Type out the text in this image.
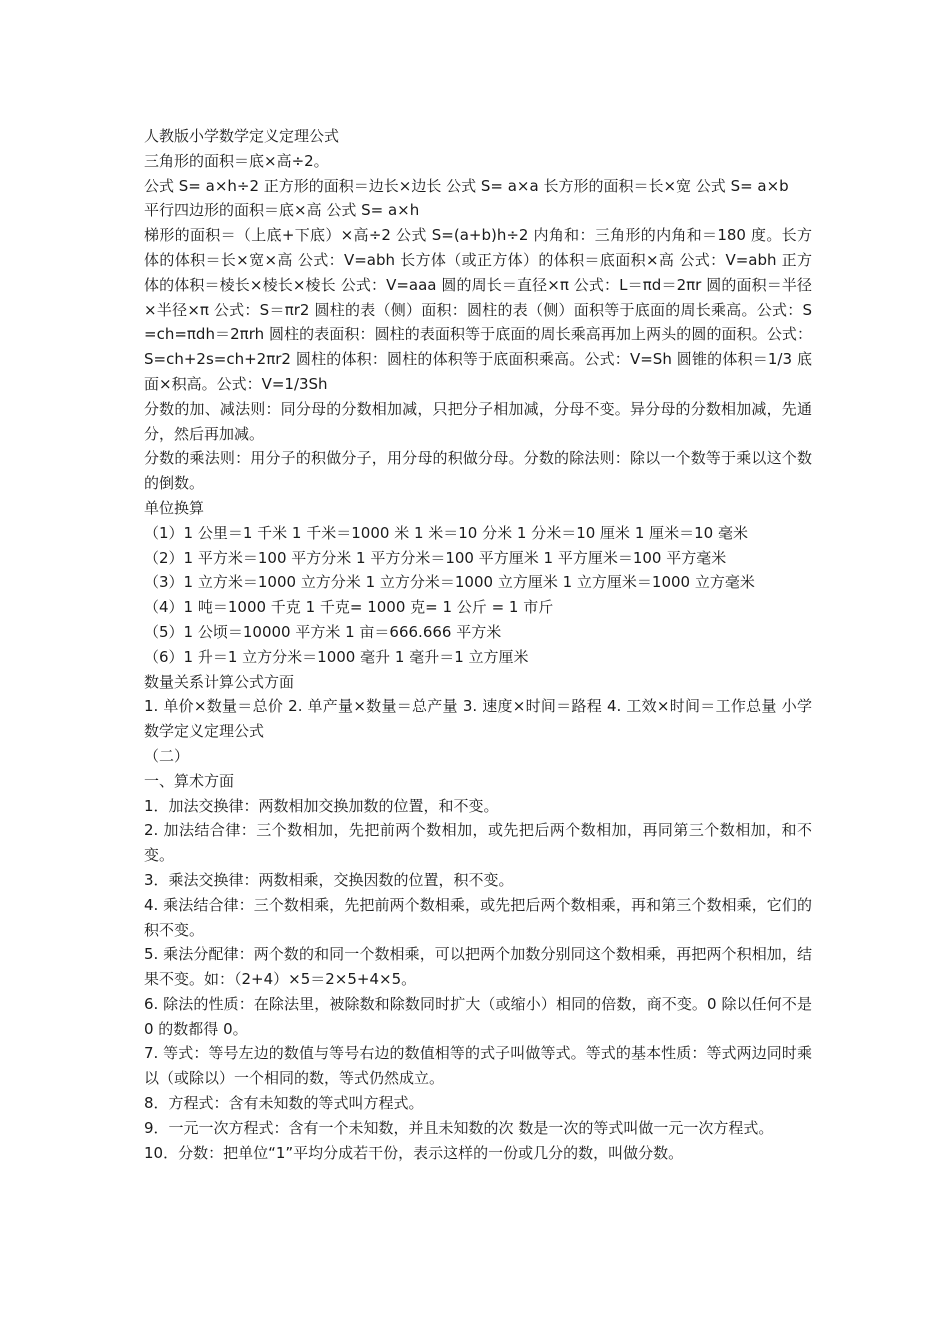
人教版小学数学定义定理公式

三角形的面积＝底×高÷2。

公式 S= a×h÷2 正方形的面积＝边长×边长 公式 S= a×a 长方形的面积＝长×宽 公式 S= a×b

平行四边形的面积＝底×高 公式 S= a×h

梯形的面积＝（上底+下底）×高÷2 公式 S=(a+b)h÷2 内角和：三角形的内角和＝180 度。长方体的体积＝长×宽×高 公式：V=abh 长方体（或正方体）的体积＝底面积×高 公式：V=abh 正方体的体积＝棱长×棱长×棱长 公式：V=aaa 圆的周长＝直径×π 公式：L＝πd＝2πr 圆的面积＝半径×半径×π 公式：S＝πr2 圆柱的表（侧）面积：圆柱的表（侧）面积等于底面的周长乘高。公式：S=ch=πdh＝2πrh 圆柱的表面积：圆柱的表面积等于底面的周长乘高再加上两头的圆的面积。公式：S=ch+2s=ch+2πr2 圆柱的体积：圆柱的体积等于底面积乘高。公式：V=Sh 圆锥的体积＝1/3 底面×积高。公式：V=1/3Sh

分数的加、减法则：同分母的分数相加减，只把分子相加减，分母不变。异分母的分数相加减，先通分，然后再加减。

分数的乘法则：用分子的积做分子，用分母的积做分母。分数的除法则：除以一个数等于乘以这个数的倒数。

单位换算

（1）1 公里＝1 千米 1 千米＝1000 米 1 米＝10 分米 1 分米＝10 厘米 1 厘米＝10 毫米

（2）1 平方米＝100 平方分米 1 平方分米＝100 平方厘米 1 平方厘米＝100 平方毫米

（3）1 立方米＝1000 立方分米 1 立方分米＝1000 立方厘米 1 立方厘米＝1000 立方毫米

（4）1 吨＝1000 千克 1 千克= 1000 克= 1 公斤 = 1 市斤

（5）1 公顷＝10000 平方米 1 亩＝666.666 平方米

（6）1 升＝1 立方分米＝1000 毫升 1 毫升＝1 立方厘米

数量关系计算公式方面

1. 单价×数量＝总价 2. 单产量×数量＝总产量 3. 速度×时间＝路程 4. 工效×时间＝工作总量 小学数学定义定理公式

（二）

一、算术方面

1．加法交换律：两数相加交换加数的位置，和不变。

2. 加法结合律：三个数相加，先把前两个数相加，或先把后两个数相加，再同第三个数相加，和不变。

3．乘法交换律：两数相乘，交换因数的位置，积不变。

4. 乘法结合律：三个数相乘，先把前两个数相乘，或先把后两个数相乘，再和第三个数相乘，它们的积不变。

5. 乘法分配律：两个数的和同一个数相乘，可以把两个加数分别同这个数相乘，再把两个积相加，结果不变。如：（2+4）×5＝2×5+4×5。

6. 除法的性质：在除法里，被除数和除数同时扩大（或缩小）相同的倍数，商不变。0 除以任何不是 0 的数都得 0。

7. 等式：等号左边的数值与等号右边的数值相等的式子叫做等式。等式的基本性质：等式两边同时乘以（或除以）一个相同的数，等式仍然成立。

8．方程式：含有未知数的等式叫方程式。

9．一元一次方程式：含有一个未知数，并且未知数的次 数是一次的等式叫做一元一次方程式。

10．分数：把单位“1”平均分成若干份，表示这样的一份或几分的数，叫做分数。
